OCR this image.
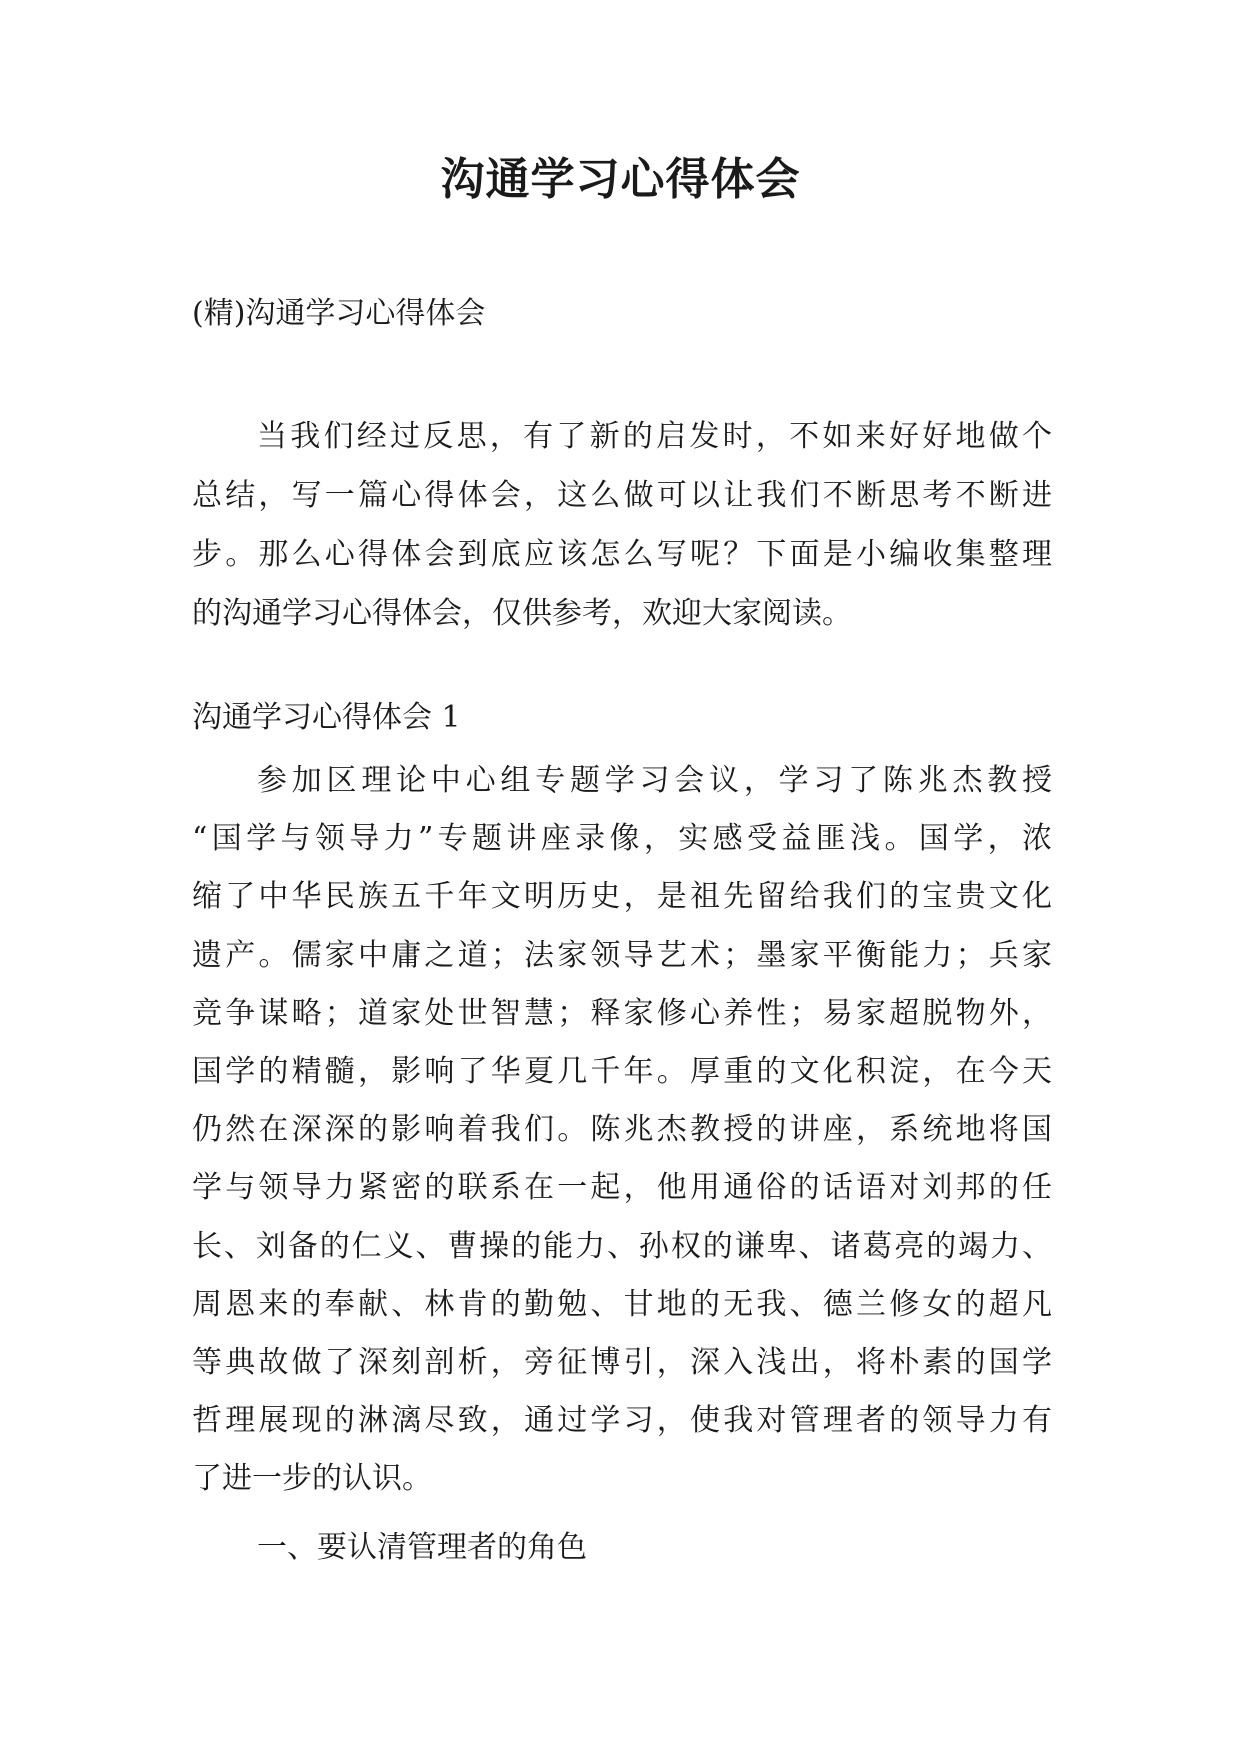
沟通学习心得体会
(精)沟通学习心得体会
当我们经过反思，有了新的启发时，不如来好好地做个
总结，写一篇心得体会，这么做可以让我们不断思考不断进
步。那么心得体会到底应该怎么写呢？下面是小编收集整理
的沟通学习心得体会，仅供参考，欢迎大家阅读。
沟通学习心得体会 1
参加区理论中心组专题学习会议，学习了陈兆杰教授
“国学与领导力”专题讲座录像，实感受益匪浅。国学，浓
缩了中华民族五千年文明历史，是祖先留给我们的宝贵文化
遗产。儒家中庸之道；法家领导艺术；墨家平衡能力；兵家
竞争谋略；道家处世智慧；释家修心养性；易家超脱物外，
国学的精髓，影响了华夏几千年。厚重的文化积淀，在今天
仍然在深深的影响着我们。陈兆杰教授的讲座，系统地将国
学与领导力紧密的联系在一起，他用通俗的话语对刘邦的任
长、刘备的仁义、曹操的能力、孙权的谦卑、诸葛亮的竭力、
周恩来的奉献、林肯的勤勉、甘地的无我、德兰修女的超凡
等典故做了深刻剖析，旁征博引，深入浅出，将朴素的国学
哲理展现的淋漓尽致，通过学习，使我对管理者的领导力有
了进一步的认识。
一、要认清管理者的角色
